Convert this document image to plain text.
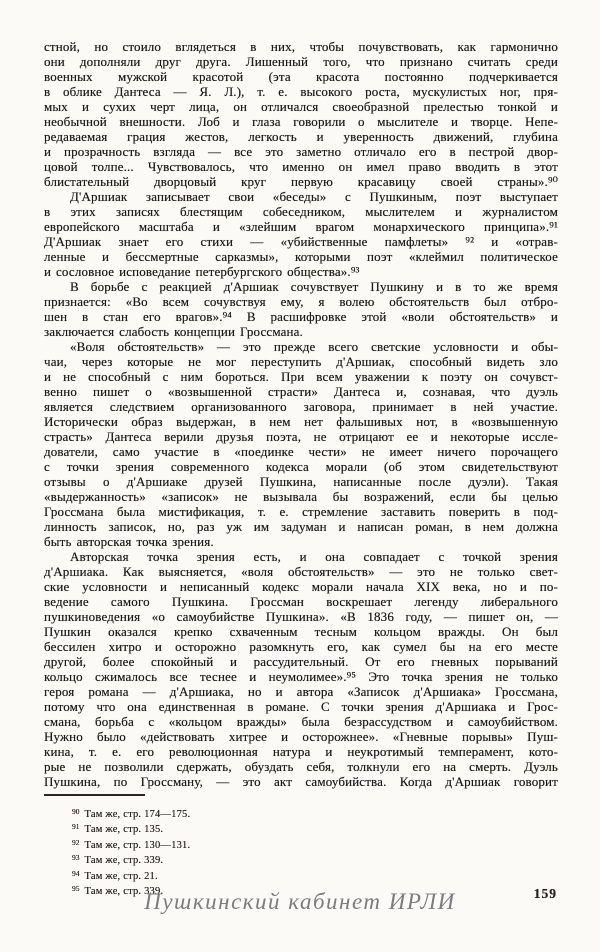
стной, но стоило вглядеться в них, чтобы почувствовать, как гармонично
они дополняли друг друга. Лишенный того, что признано считать среди
военных мужской красотой (эта красота постоянно подчеркивается
в облике Дантеса — Я. Л.), т. е. высокого роста, мускулистых ног, пря-
мых и сухих черт лица, он отличался своеобразной прелестью тонкой и
необычной внешности. Лоб и глаза говорили о мыслителе и творце. Непе-
редаваемая грация жестов, легкость и уверенность движений, глубина
и прозрачность взгляда — все это заметно отличало его в пестрой двор-
цовой толпе... Чувствовалось, что именно он имел право вводить в этот
блистательный дворцовый круг первую красавицу своей страны».⁹⁰
Д'Аршиак записывает свои «беседы» с Пушкиным, поэт выступает
в этих записях блестящим собеседником, мыслителем и журналистом
европейского масштаба и «злейшим врагом монархического принципа».⁹¹
Д'Аршиак знает его стихи — «убийственные памфлеты» ⁹² и «отрав-
ленные и бессмертные сарказмы», которыми поэт «клеймил политическое
и сословное исповедание петербургского общества».⁹³
В борьбе с реакцией д'Аршиак сочувствует Пушкину и в то же время
признается: «Во всем сочувствуя ему, я волею обстоятельств был отбро-
шен в стан его врагов».⁹⁴ В расшифровке этой «воли обстоятельств» и
заключается слабость концепции Гроссмана.
«Воля обстоятельств» — это прежде всего светские условности и обы-
чаи, через которые не мог переступить д'Аршиак, способный видеть зло
и не способный с ним бороться. При всем уважении к поэту он сочувст-
венно пишет о «возвышенной страсти» Дантеса и, сознавая, что дуэль
является следствием организованного заговора, принимает в ней участие.
Исторически образ выдержан, в нем нет фальшивых нот, в «возвышенную
страсть» Дантеса верили друзья поэта, не отрицают ее и некоторые иссле-
дователи, само участие в «поединке чести» не имеет ничего порочащего
с точки зрения современного кодекса морали (об этом свидетельствуют
отзывы о д'Аршиаке друзей Пушкина, написанные после дуэли). Такая
«выдержанность» «записок» не вызывала бы возражений, если бы целью
Гроссмана была мистификация, т. е. стремление заставить поверить в под-
линность записок, но, раз уж им задуман и написан роман, в нем должна
быть авторская точка зрения.
Авторская точка зрения есть, и она совпадает с точкой зрения
д'Аршиака. Как выясняется, «воля обстоятельств» — это не только свет-
ские условности и неписанный кодекс морали начала XIX века, но и по-
ведение самого Пушкина. Гроссман воскрешает легенду либерального
пушкиноведения «о самоубийстве Пушкина». «В 1836 году, — пишет он, —
Пушкин оказался крепко схваченным тесным кольцом вражды. Он был
бессилен хитро и осторожно разомкнуть его, как сумел бы на его месте
другой, более спокойный и рассудительный. От его гневных порываний
кольцо сжималось все теснее и неумолимее».⁹⁵ Это точка зрения не только
героя романа — д'Аршиака, но и автора «Записок д'Аршиака» Гроссмана,
потому что она единственная в романе. С точки зрения д'Аршиака и Грос-
смана, борьба с «кольцом вражды» была безрассудством и самоубийством.
Нужно было «действовать хитрее и осторожнее». «Гневные порывы» Пуш-
кина, т. е. его революционная натура и неукротимый темперамент, кото-
рые не позволили сдержать, обуздать себя, толкнули его на смерть. Дуэль
Пушкина, по Гроссману, — это акт самоубийства. Когда д'Аршиак говорит
$^{90}$ Там же, стр. 174—175.
$^{91}$ Там же, стр. 135.
$^{92}$ Там же, стр. 130—131.
$^{93}$ Там же, стр. 339.
$^{94}$ Там же, стр. 21.
$^{95}$ Там же, стр. 339.
Пушкинский кабинет ИРЛИ	159
